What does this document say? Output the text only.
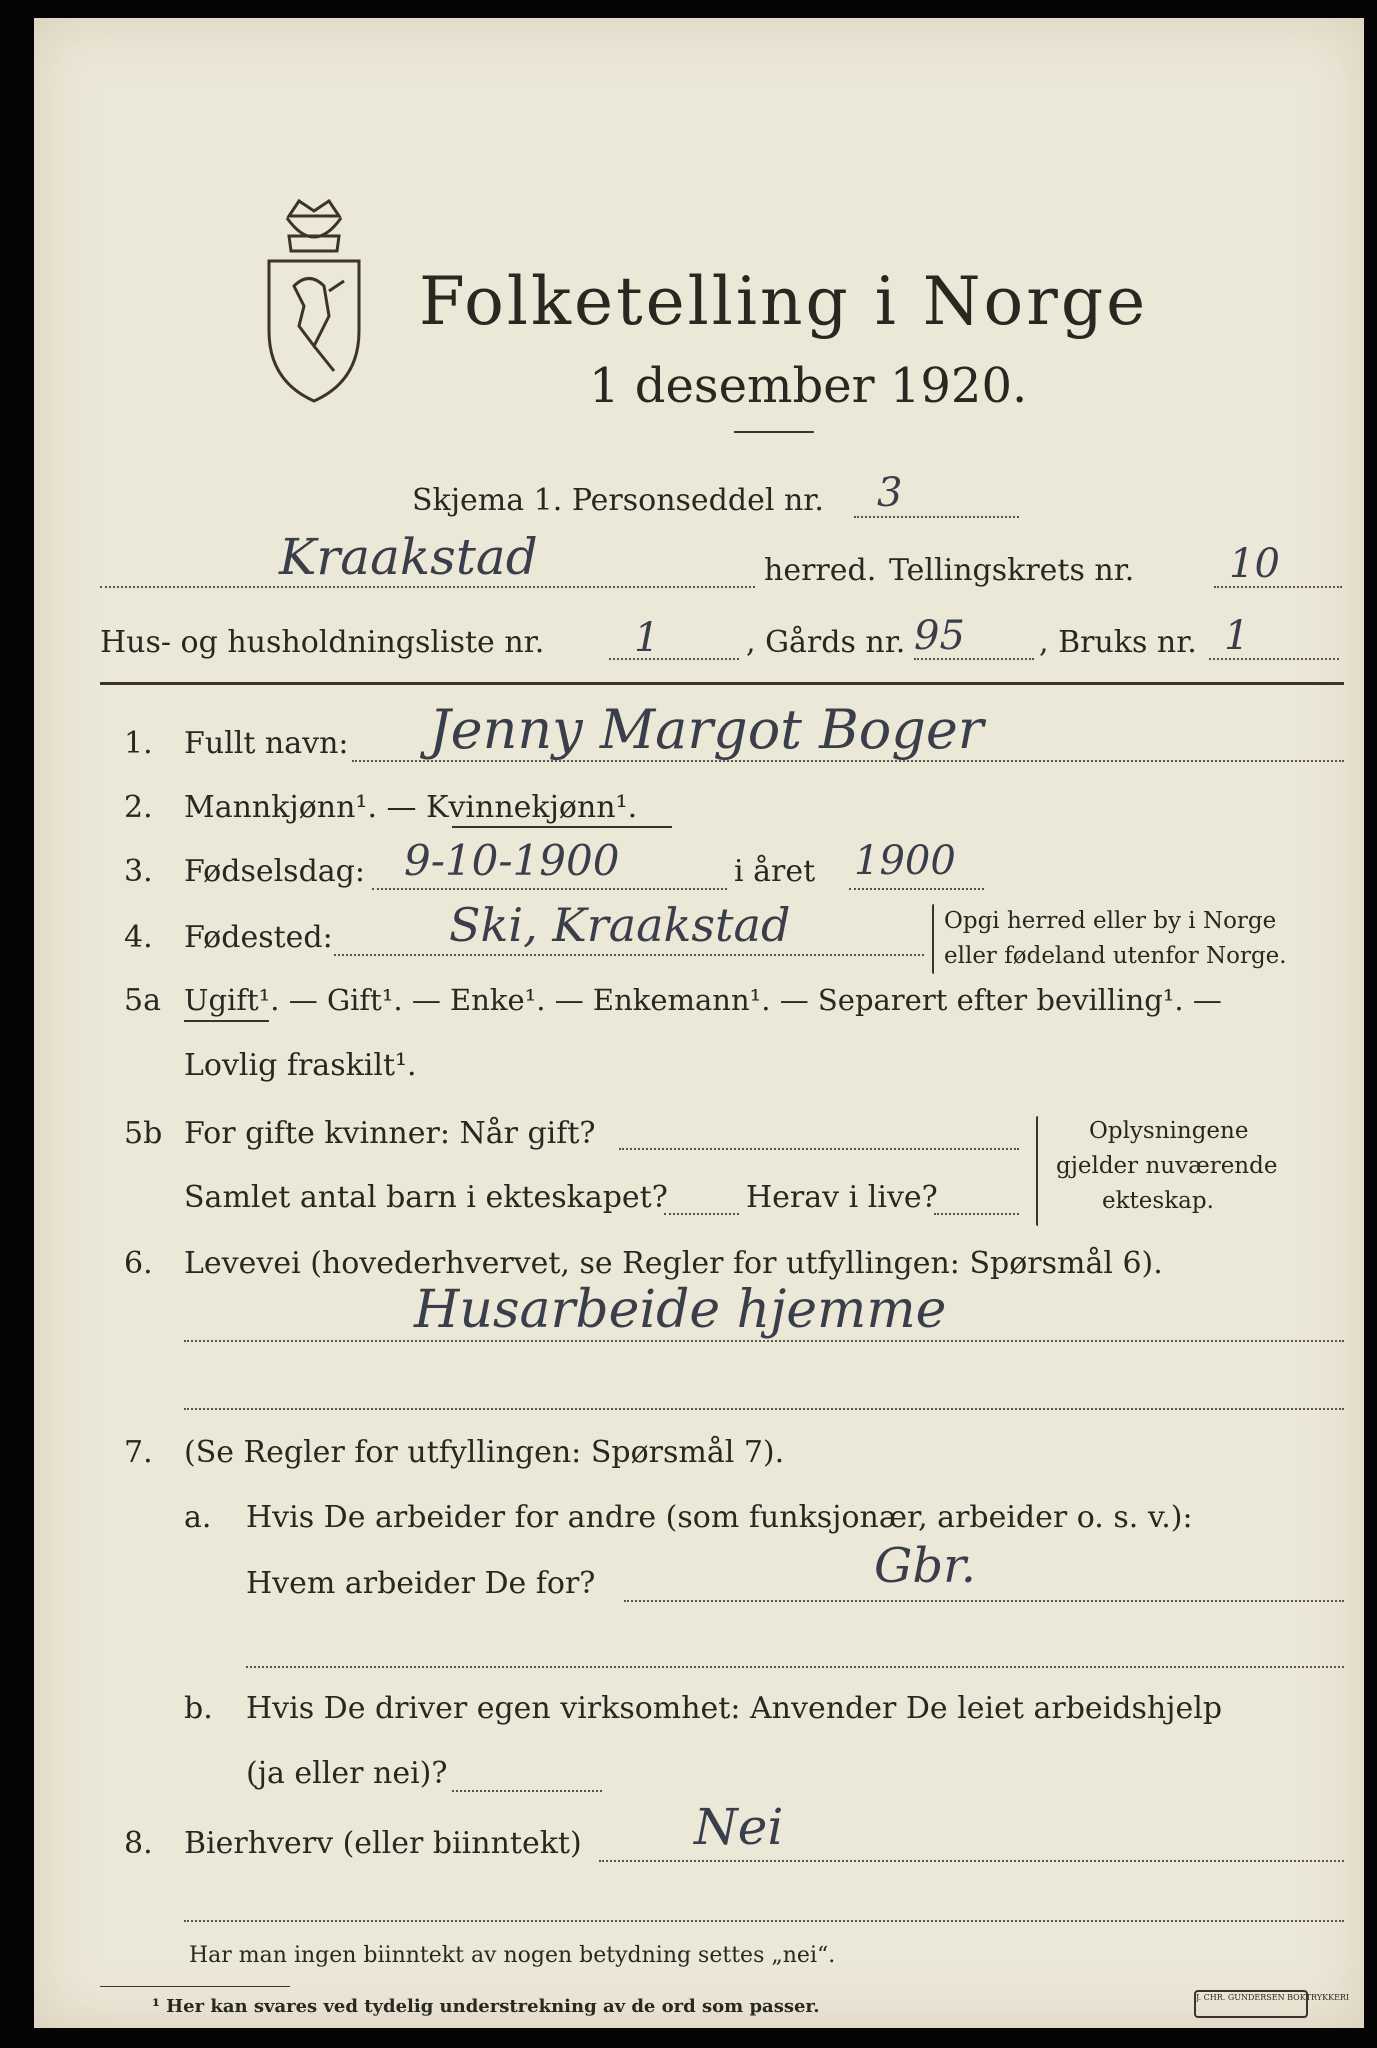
Folketelling i Norge
1 desember 1920.
Skjema 1. Personseddel nr. 3
Kraakstad	herred. Tellingskrets nr. 10
Hus- og husholdningsliste nr. 1	, Gårds nr. 95 , Bruks nr. 1
1. Fullt navn: Jenny Margot Boger
2. Mannkjønn¹. — Kvinnekjønn¹.
3. Fødselsdag: 9-10-1900	i året 1900
4. Fødested:	Ski, Kraakstad	Opgi herred eller by i Norge
eller fødeland utenfor Norge.
5a Ugift¹. — Gift¹. — Enke¹. — Enkemann¹. — Separert efter bevilling¹. —
Lovlig fraskilt¹.
5b For gifte kvinner: Når gift?
Samlet antal barn i ekteskapet?	Herav i live?
Oplysningene
gjelder nuværende
ekteskap.
6. Levevei (hovederhvervet, se Regler for utfyllingen: Spørsmål 6).
Husarbeide hjemme
7. (Se Regler for utfyllingen: Spørsmål 7).
a. Hvis De arbeider for andre (som funksjonær, arbeider o. s. v.):
Hvem arbeider De for?	Gbr.
b. Hvis De driver egen virksomhet: Anvender De leiet arbeidshjelp
(ja eller nei)?
8. Bierhverv (eller biinntekt) Nei
Har man ingen biinntekt av nogen betydning settes „nei“.
¹ Her kan svares ved tydelig understrekning av de ord som passer.	J. CHR. GUNDERSEN BOKTRYKKERI
